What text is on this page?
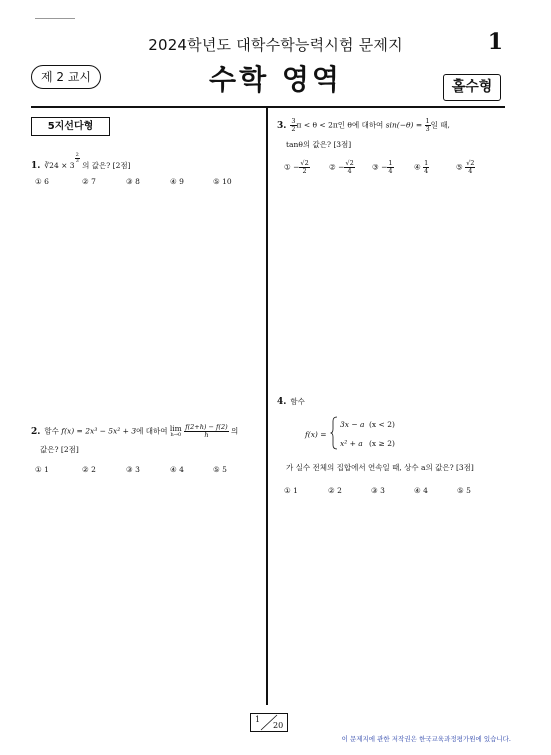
2024학년도 대학수학능력시험 문제지	1
제 2 교시	수학 영역	홀수형
5지선다형
1. ∛24 × 3
$^{\frac{2}{3}}$
의 값은? [2점]
① 6	② 7	③ 8	④ 9	⑤ 10
2. 함수 f(x) = 2x³ − 5x² + 3에 대하여 lim
h→0
$\frac{f(2+h) - f(2)}{h}$ 의
값은? [2점]
① 1	② 2	③ 3	④ 4	⑤ 5
3. $\frac{3}{2}$ π < θ < 2π인 θ에 대하여 $\sin(-\theta) = \frac{1}{3}$ 일 때,
tanθ의 값은? [3점]
① − $\frac{√2}{2}$	② − $\frac{√2}{4}$ ③ − $\frac{1}{4}$	④ $\frac{1}{4}$	⑤ $\frac{√2}{4}$
4. 함수
f(x) =
3x − a (x < 2)
x² + a (x ≥ 2)
가 실수 전체의 집합에서 연속일 때, 상수 a의 값은? [3점]
① 1	② 2	③ 3	④ 4	⑤ 5
1
20
이 문제지에 관한 저작권은 한국교육과정평가원에 있습니다.
